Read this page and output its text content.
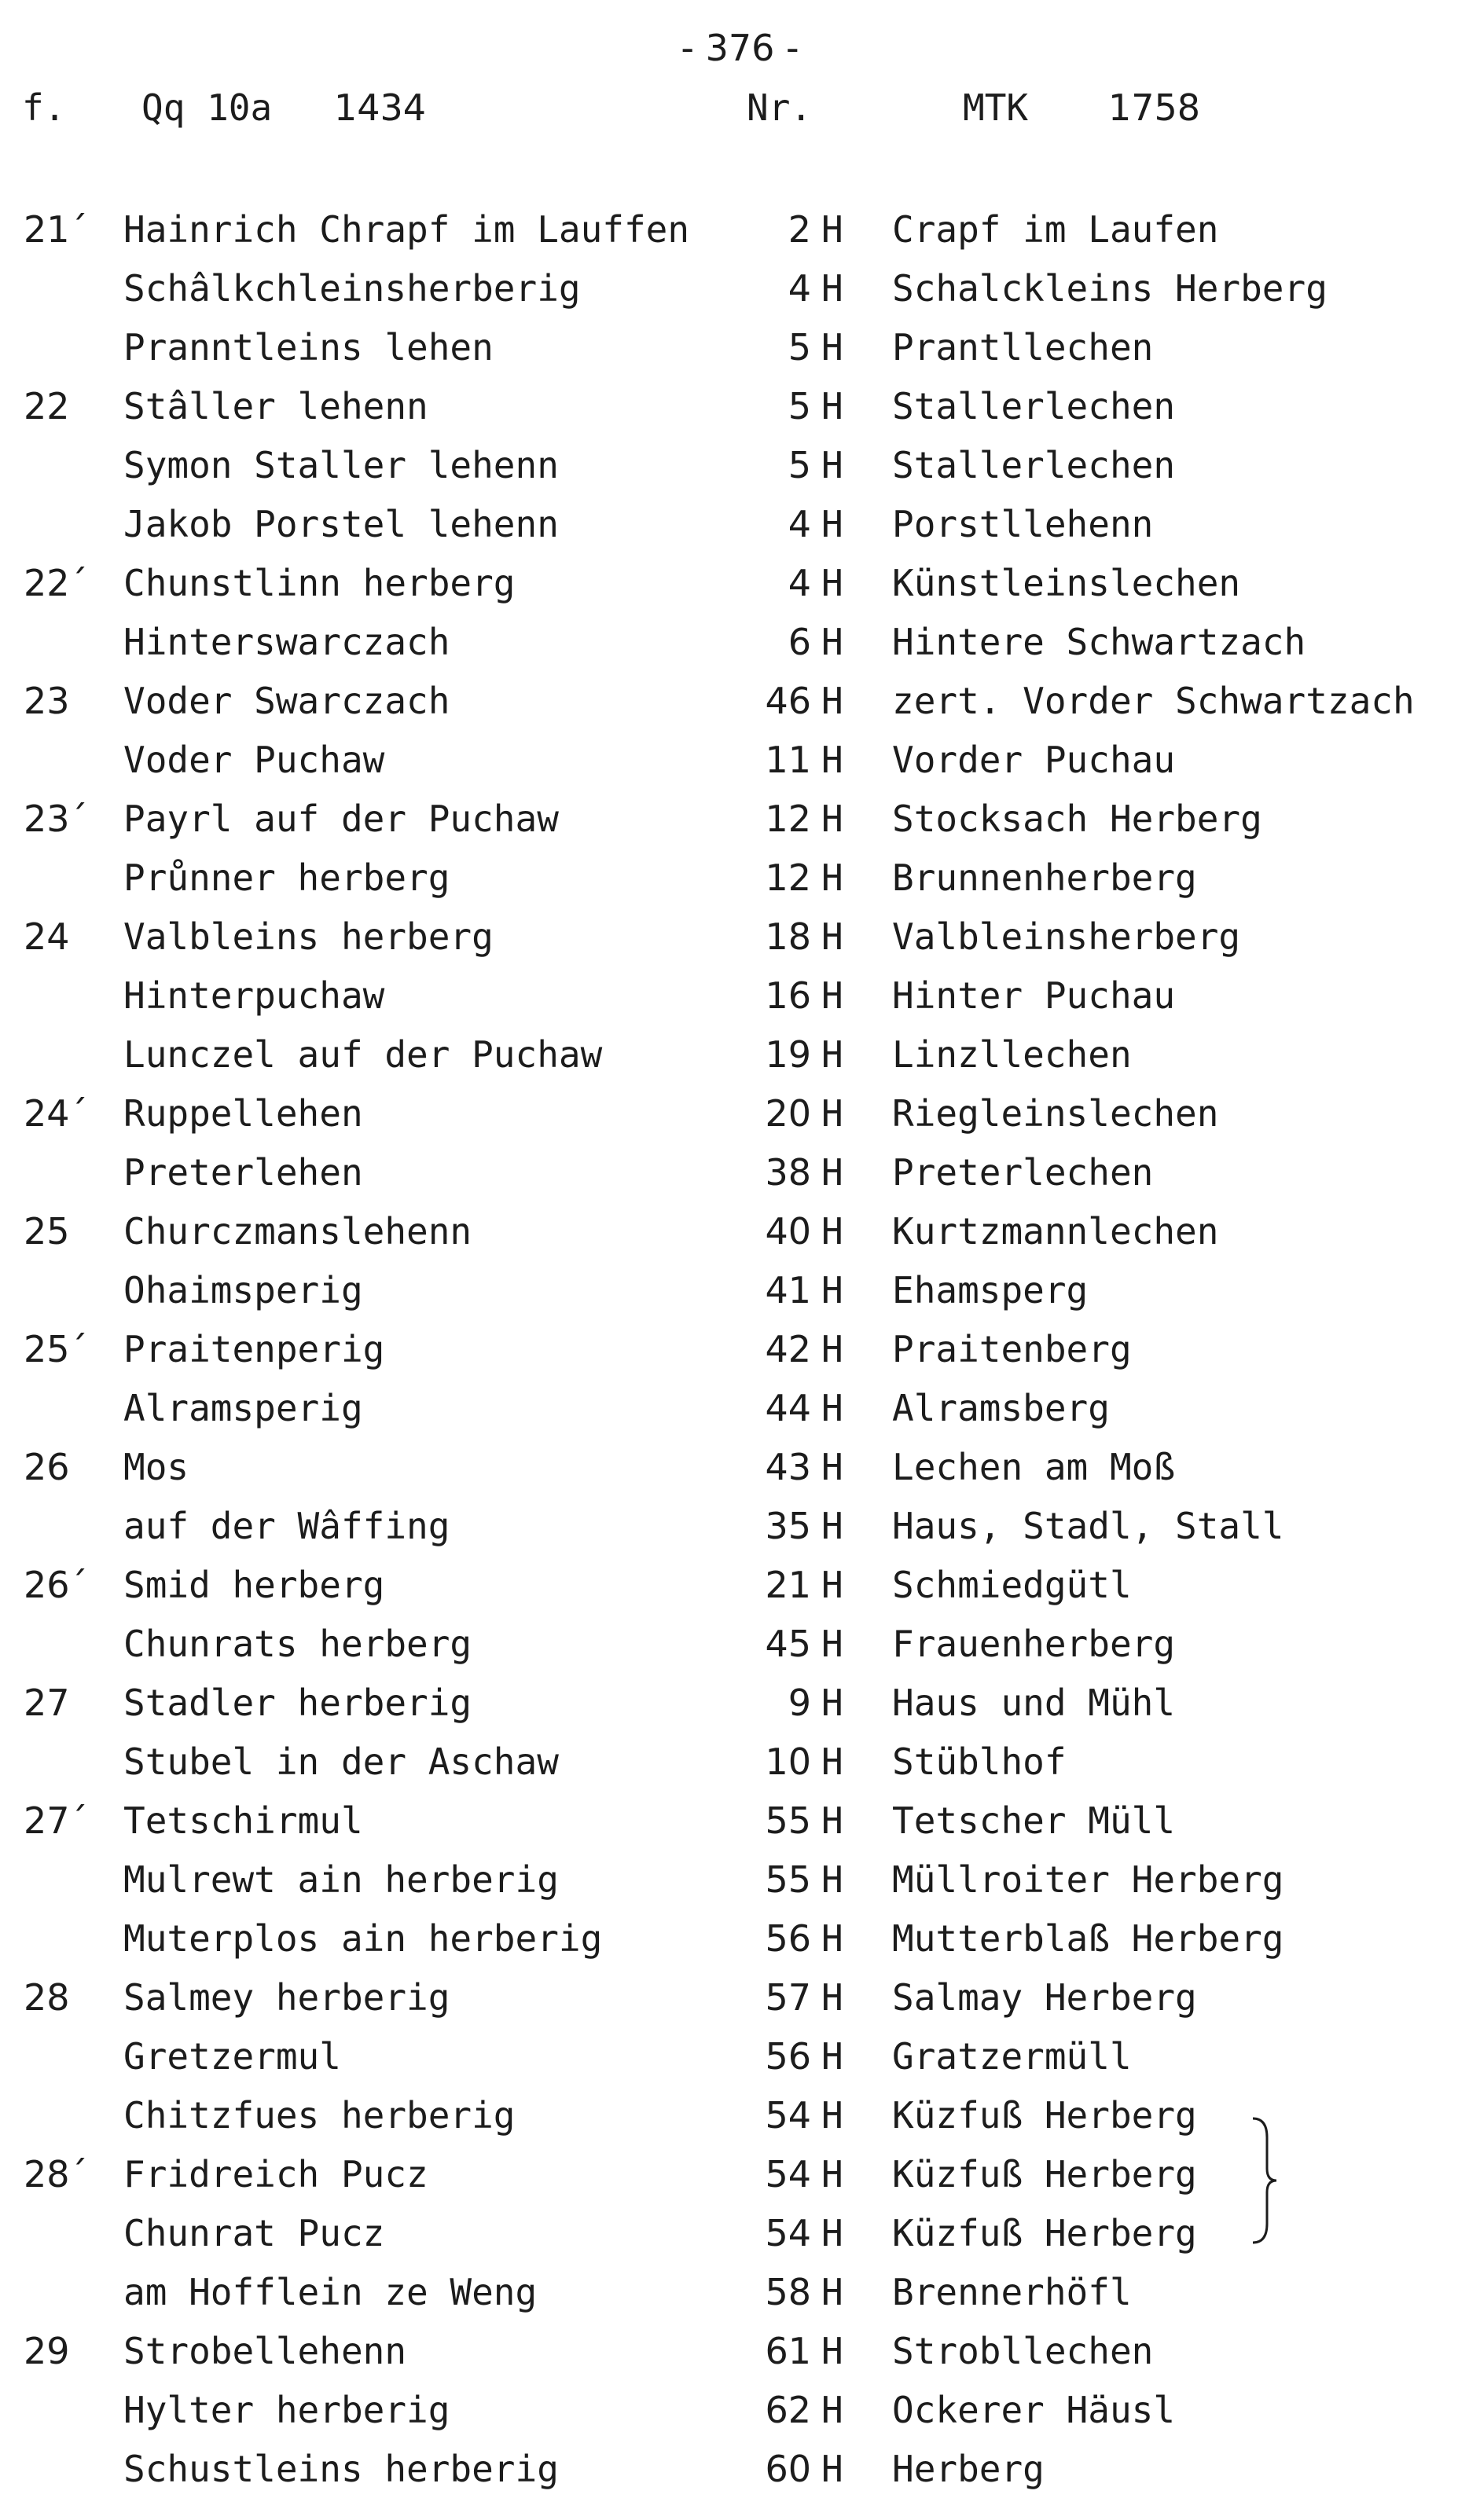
- 376 -
f. Qq 10a 1434	Nr.	MTK 1758
21´ Hainrich Chrapf im Lauffen	2 H Crapf im Laufen
Schâlkchleinsherberig	4 H Schalckleins Herberg
Pranntleins lehen	5 H Prantllechen
22 Stâller lehenn	5 H Stallerlechen
Symon Staller lehenn	5 H Stallerlechen
Jakob Porstel lehenn	4 H Porstllehenn
22´ Chunstlinn herberg	4 H Künstleinslechen
Hinterswarczach	6 H Hintere Schwartzach
23 Voder Swarczach	46 H zert. Vorder Schwartzach
Voder Puchaw	11 H Vorder Puchau
23´ Payrl auf der Puchaw	12 H Stocksach Herberg
Průnner herberg	12 H Brunnenherberg
24 Valbleins herberg	18 H Valbleinsherberg
Hinterpuchaw	16 H Hinter Puchau
Lunczel auf der Puchaw	19 H Linzllechen
24´ Ruppellehen	20 H Riegleinslechen
Preterlehen	38 H Preterlechen
25 Churczmanslehenn	40 H Kurtzmannlechen
Ohaimsperig	41 H Ehamsperg
25´ Praitenperig	42 H Praitenberg
Alramsperig	44 H Alramsberg
26 Mos	43 H Lechen am Moß
auf der Wâffing	35 H Haus, Stadl, Stall
26´ Smid herberg	21 H Schmiedgütl
Chunrats herberg	45 H Frauenherberg
27 Stadler herberig	9 H Haus und Mühl
Stubel in der Aschaw	10 H Stüblhof
27´ Tetschirmul	55 H Tetscher Müll
Mulrewt ain herberig	55 H Müllroiter Herberg
Muterplos ain herberig	56 H Mutterblaß Herberg
28 Salmey herberig	57 H Salmay Herberg
Gretzermul	56 H Gratzermüll
Chitzfues herberig	54 H Küzfuß Herberg
28´ Fridreich Pucz	54 H Küzfuß Herberg
Chunrat Pucz	54 H Küzfuß Herberg
am Hofflein ze Weng	58 H Brennerhöfl
29 Strobellehenn	61 H Strobllechen
Hylter herberig	62 H Ockerer Häusl
Schustleins herberig	60 H Herberg
